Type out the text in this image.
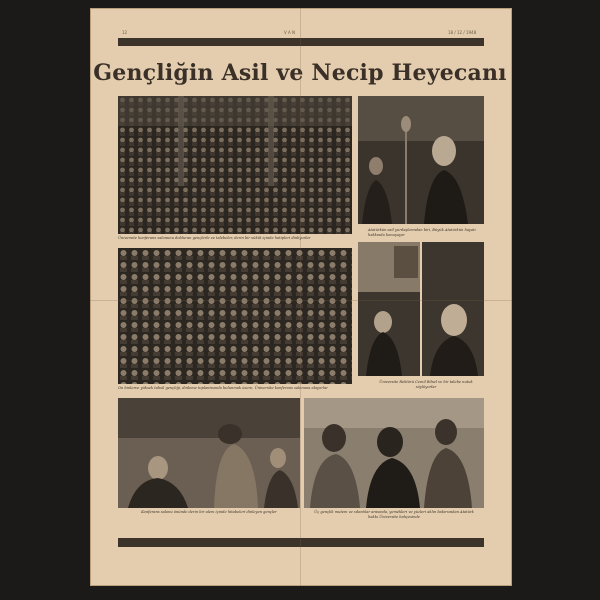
12	V A N	18 / 12 / 1948
Gençliğin Asil ve Necip Heyecanı
Üniversite konferans salonunu dolduran gençlerle ve talebeler, derin bir sükût içinde hatipleri dinliyorlar
Atatürkün asil yurdaşlarından biri, Büyük Atatürkün hayatı hakkında konuşuyor
On binlerce yüksek tahsil gençliği, dinleme toplantısında bulunmak üzere, Üniversite konferans salonuna akıyorlar
Üniversite Rektörü Cemil Bilsel ve bir talebe nutuk söylüyorlar
Konferans salonu önünde derin bir alem içinde hitabeleri dinleyen gençler	Üç gençlik mutem ve sıkıntılar arasında, yemekleri ve yüzleri aklın bakırsından Atatürk hakkı Üniversite bahçesinde
